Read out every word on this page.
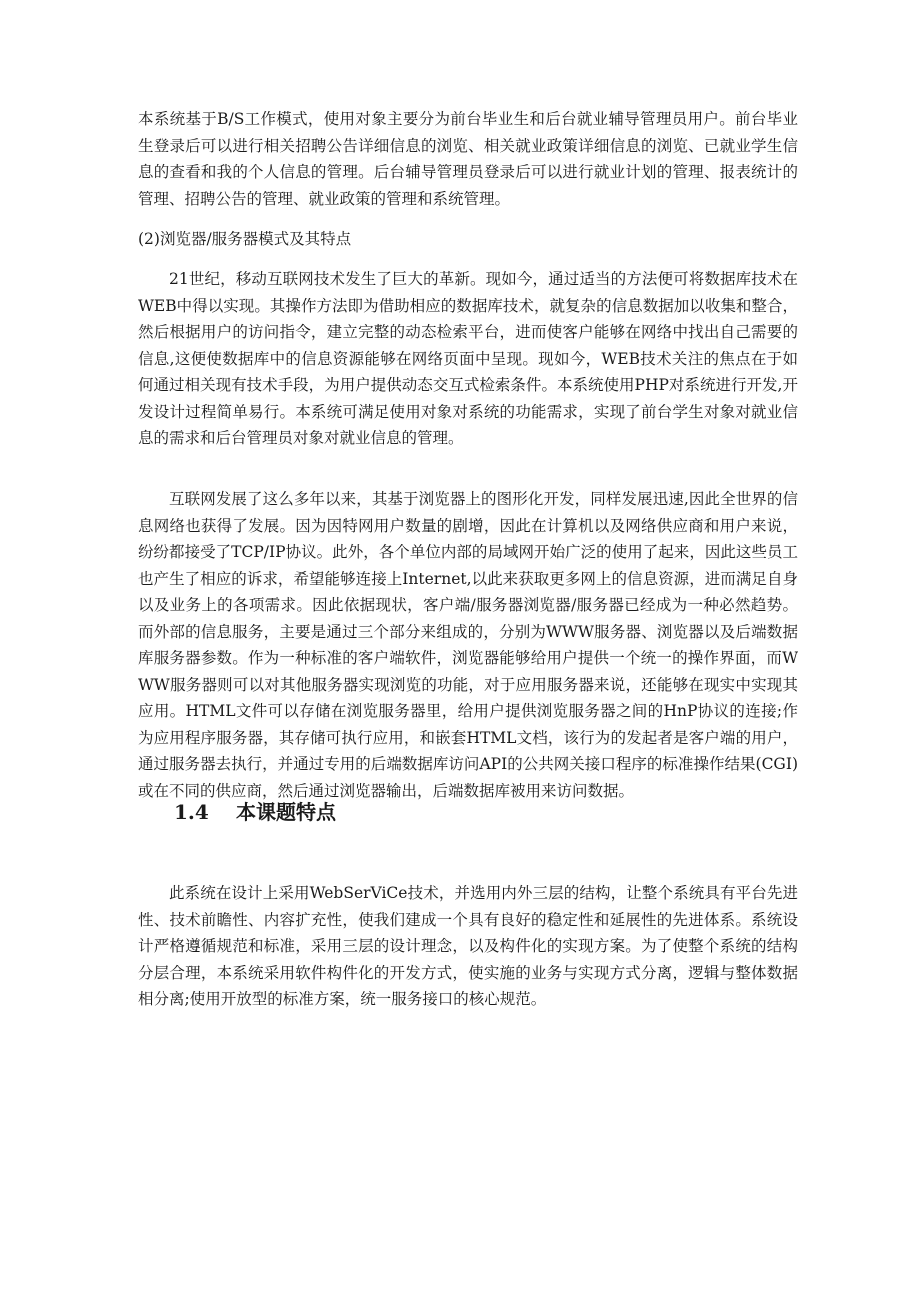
本系统基于B/S工作模式，使用对象主要分为前台毕业生和后台就业辅导管理员用户。前台毕业生登录后可以进行相关招聘公告详细信息的浏览、相关就业政策详细信息的浏览、已就业学生信息的查看和我的个人信息的管理。后台辅导管理员登录后可以进行就业计划的管理、报表统计的管理、招聘公告的管理、就业政策的管理和系统管理。

(2)浏览器/服务器模式及其特点

21世纪，移动互联网技术发生了巨大的革新。现如今，通过适当的方法便可将数据库技术在WEB中得以实现。其操作方法即为借助相应的数据库技术，就复杂的信息数据加以收集和整合，然后根据用户的访问指令，建立完整的动态检索平台，进而使客户能够在网络中找出自己需要的信息,这便使数据库中的信息资源能够在网络页面中呈现。现如今，WEB技术关注的焦点在于如何通过相关现有技术手段，为用户提供动态交互式检索条件。本系统使用PHP对系统进行开发,开发设计过程简单易行。本系统可满足使用对象对系统的功能需求，实现了前台学生对象对就业信息的需求和后台管理员对象对就业信息的管理。

互联网发展了这么多年以来，其基于浏览器上的图形化开发，同样发展迅速,因此全世界的信息网络也获得了发展。因为因特网用户数量的剧增，因此在计算机以及网络供应商和用户来说，纷纷都接受了TCP/IP协议。此外，各个单位内部的局域网开始广泛的使用了起来，因此这些员工也产生了相应的诉求，希望能够连接上Internet,以此来获取更多网上的信息资源，进而满足自身以及业务上的各项需求。因此依据现状，客户端/服务器浏览器/服务器已经成为一种必然趋势。而外部的信息服务，主要是通过三个部分来组成的，分别为WWW服务器、浏览器以及后端数据库服务器参数。作为一种标准的客户端软件，浏览器能够给用户提供一个统一的操作界面，而WWW服务器则可以对其他服务器实现浏览的功能，对于应用服务器来说，还能够在现实中实现其应用。HTML文件可以存储在浏览服务器里，给用户提供浏览服务器之间的HnP协议的连接;作为应用程序服务器，其存储可执行应用，和嵌套HTML文档，该行为的发起者是客户端的用户，通过服务器去执行，并通过专用的后端数据库访问API的公共网关接口程序的标准操作结果(CGI)或在不同的供应商，然后通过浏览器输出，后端数据库被用来访问数据。

1.4 本课题特点

此系统在设计上采用WebSerViCe技术，并选用内外三层的结构，让整个系统具有平台先进性、技术前瞻性、内容扩充性，使我们建成一个具有良好的稳定性和延展性的先进体系。系统设计严格遵循规范和标准，采用三层的设计理念，以及构件化的实现方案。为了使整个系统的结构分层合理，本系统采用软件构件化的开发方式，使实施的业务与实现方式分离，逻辑与整体数据相分离;使用开放型的标准方案，统一服务接口的核心规范。
